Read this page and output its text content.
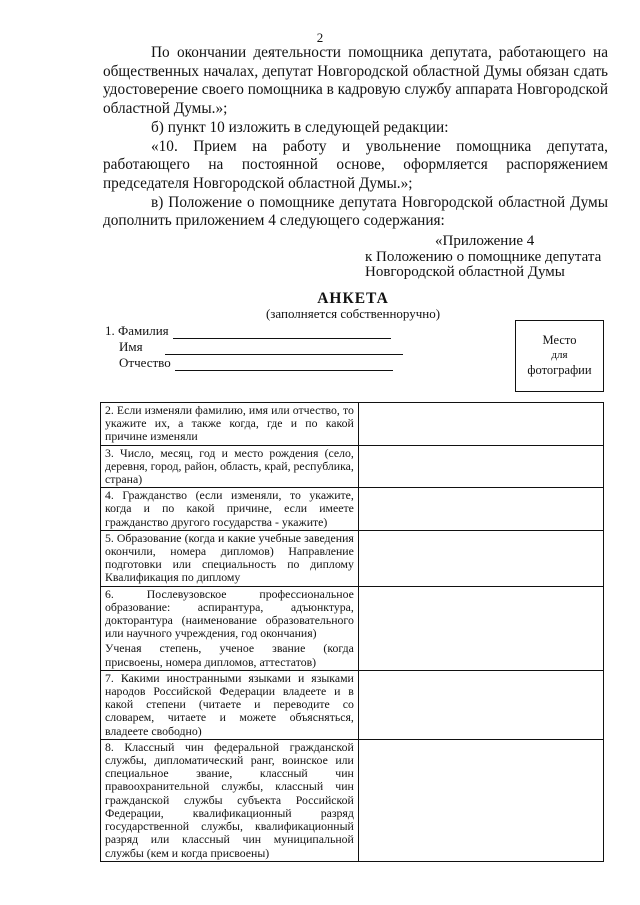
2

По окончании деятельности помощника депутата, работающего на общественных началах, депутат Новгородской областной Думы обязан сдать удостоверение своего помощника в кадровую службу аппарата Новгородской областной Думы.»;

б) пункт 10 изложить в следующей редакции:

«10. Прием на работу и увольнение помощника депутата, работающего на постоянной основе, оформляется распоряжением председателя Новгородской областной Думы.»;

в) Положение о помощнике депутата Новгородской областной Думы дополнить приложением 4 следующего содержания:

«Приложение 4
к Положению о помощнике депутата
Новгородской областной Думы
АНКЕТА
(заполняется собственноручно)
1. Фамилия
Имя
Отчество
Место
для
фотографии
2. Если изменяли фамилию, имя или отчество, то укажите их, а также когда, где и по какой причине изменяли	
3. Число, месяц, год и место рождения (село, деревня, город, район, область, край, республика, страна)	
4. Гражданство (если изменяли, то укажите, когда и по какой причине, если имеете гражданство другого государства - укажите)	
5. Образование (когда и какие учебные заведения окончили, номера дипломов) Направление подготовки или специальность по диплому Квалификация по диплому	

6. Послевузовское профессиональное образование: аспирантура, адъюнктура, докторантура (наименование образовательного или научного учреждения, год окончания)
Ученая степень, ученое звание (когда присвоены, номера дипломов, аттестатов)	

7. Какими иностранными языками и языками народов Российской Федерации владеете и в какой степени (читаете и переводите со словарем, читаете и можете объясняться, владеете свободно)	
8. Классный чин федеральной гражданской службы, дипломатический ранг, воинское или специальное звание, классный чин правоохранительной службы, классный чин гражданской службы субъекта Российской Федерации, квалификационный разряд государственной службы, квалификационный разряд или классный чин муниципальной службы (кем и когда присвоены)	
